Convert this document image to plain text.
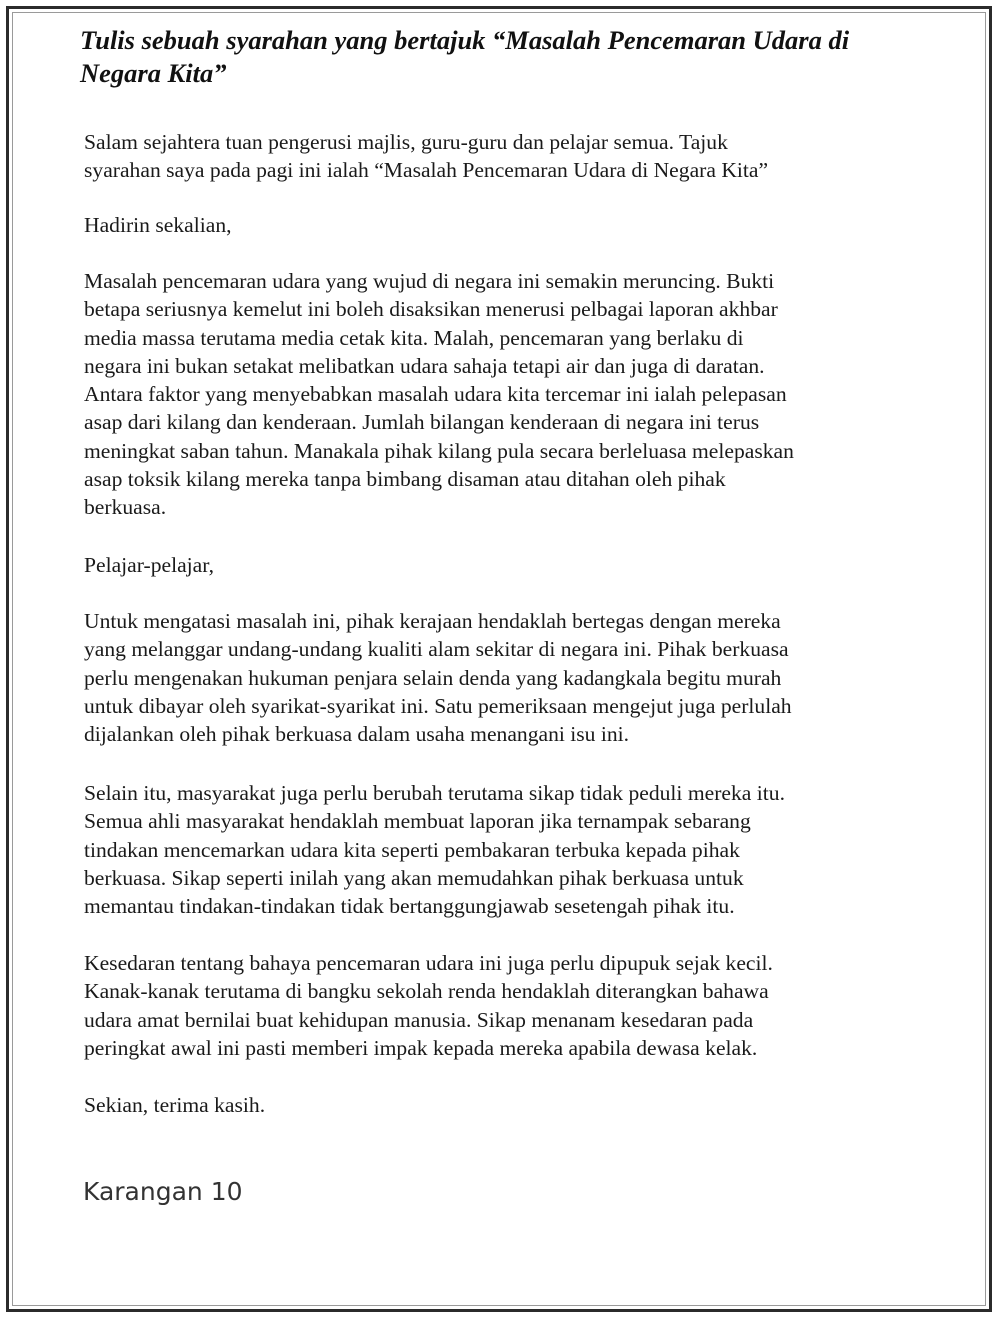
Tulis sebuah syarahan yang bertajuk “Masalah Pencemaran Udara di
Negara Kita”

Salam sejahtera tuan pengerusi majlis, guru-guru dan pelajar semua. Tajuk
syarahan saya pada pagi ini ialah “Masalah Pencemaran Udara di Negara Kita”

Hadirin sekalian,

Masalah pencemaran udara yang wujud di negara ini semakin meruncing. Bukti
betapa seriusnya kemelut ini boleh disaksikan menerusi pelbagai laporan akhbar
media massa terutama media cetak kita. Malah, pencemaran yang berlaku di
negara ini bukan setakat melibatkan udara sahaja tetapi air dan juga di daratan.
Antara faktor yang menyebabkan masalah udara kita tercemar ini ialah pelepasan
asap dari kilang dan kenderaan. Jumlah bilangan kenderaan di negara ini terus
meningkat saban tahun. Manakala pihak kilang pula secara berleluasa melepaskan
asap toksik kilang mereka tanpa bimbang disaman atau ditahan oleh pihak
berkuasa.

Pelajar-pelajar,

Untuk mengatasi masalah ini, pihak kerajaan hendaklah bertegas dengan mereka
yang melanggar undang-undang kualiti alam sekitar di negara ini. Pihak berkuasa
perlu mengenakan hukuman penjara selain denda yang kadangkala begitu murah
untuk dibayar oleh syarikat-syarikat ini. Satu pemeriksaan mengejut juga perlulah
dijalankan oleh pihak berkuasa dalam usaha menangani isu ini.

Selain itu, masyarakat juga perlu berubah terutama sikap tidak peduli mereka itu.
Semua ahli masyarakat hendaklah membuat laporan jika ternampak sebarang
tindakan mencemarkan udara kita seperti pembakaran terbuka kepada pihak
berkuasa. Sikap seperti inilah yang akan memudahkan pihak berkuasa untuk
memantau tindakan-tindakan tidak bertanggungjawab sesetengah pihak itu.

Kesedaran tentang bahaya pencemaran udara ini juga perlu dipupuk sejak kecil.
Kanak-kanak terutama di bangku sekolah renda hendaklah diterangkan bahawa
udara amat bernilai buat kehidupan manusia. Sikap menanam kesedaran pada
peringkat awal ini pasti memberi impak kepada mereka apabila dewasa kelak.

Sekian, terima kasih.

Karangan 10
